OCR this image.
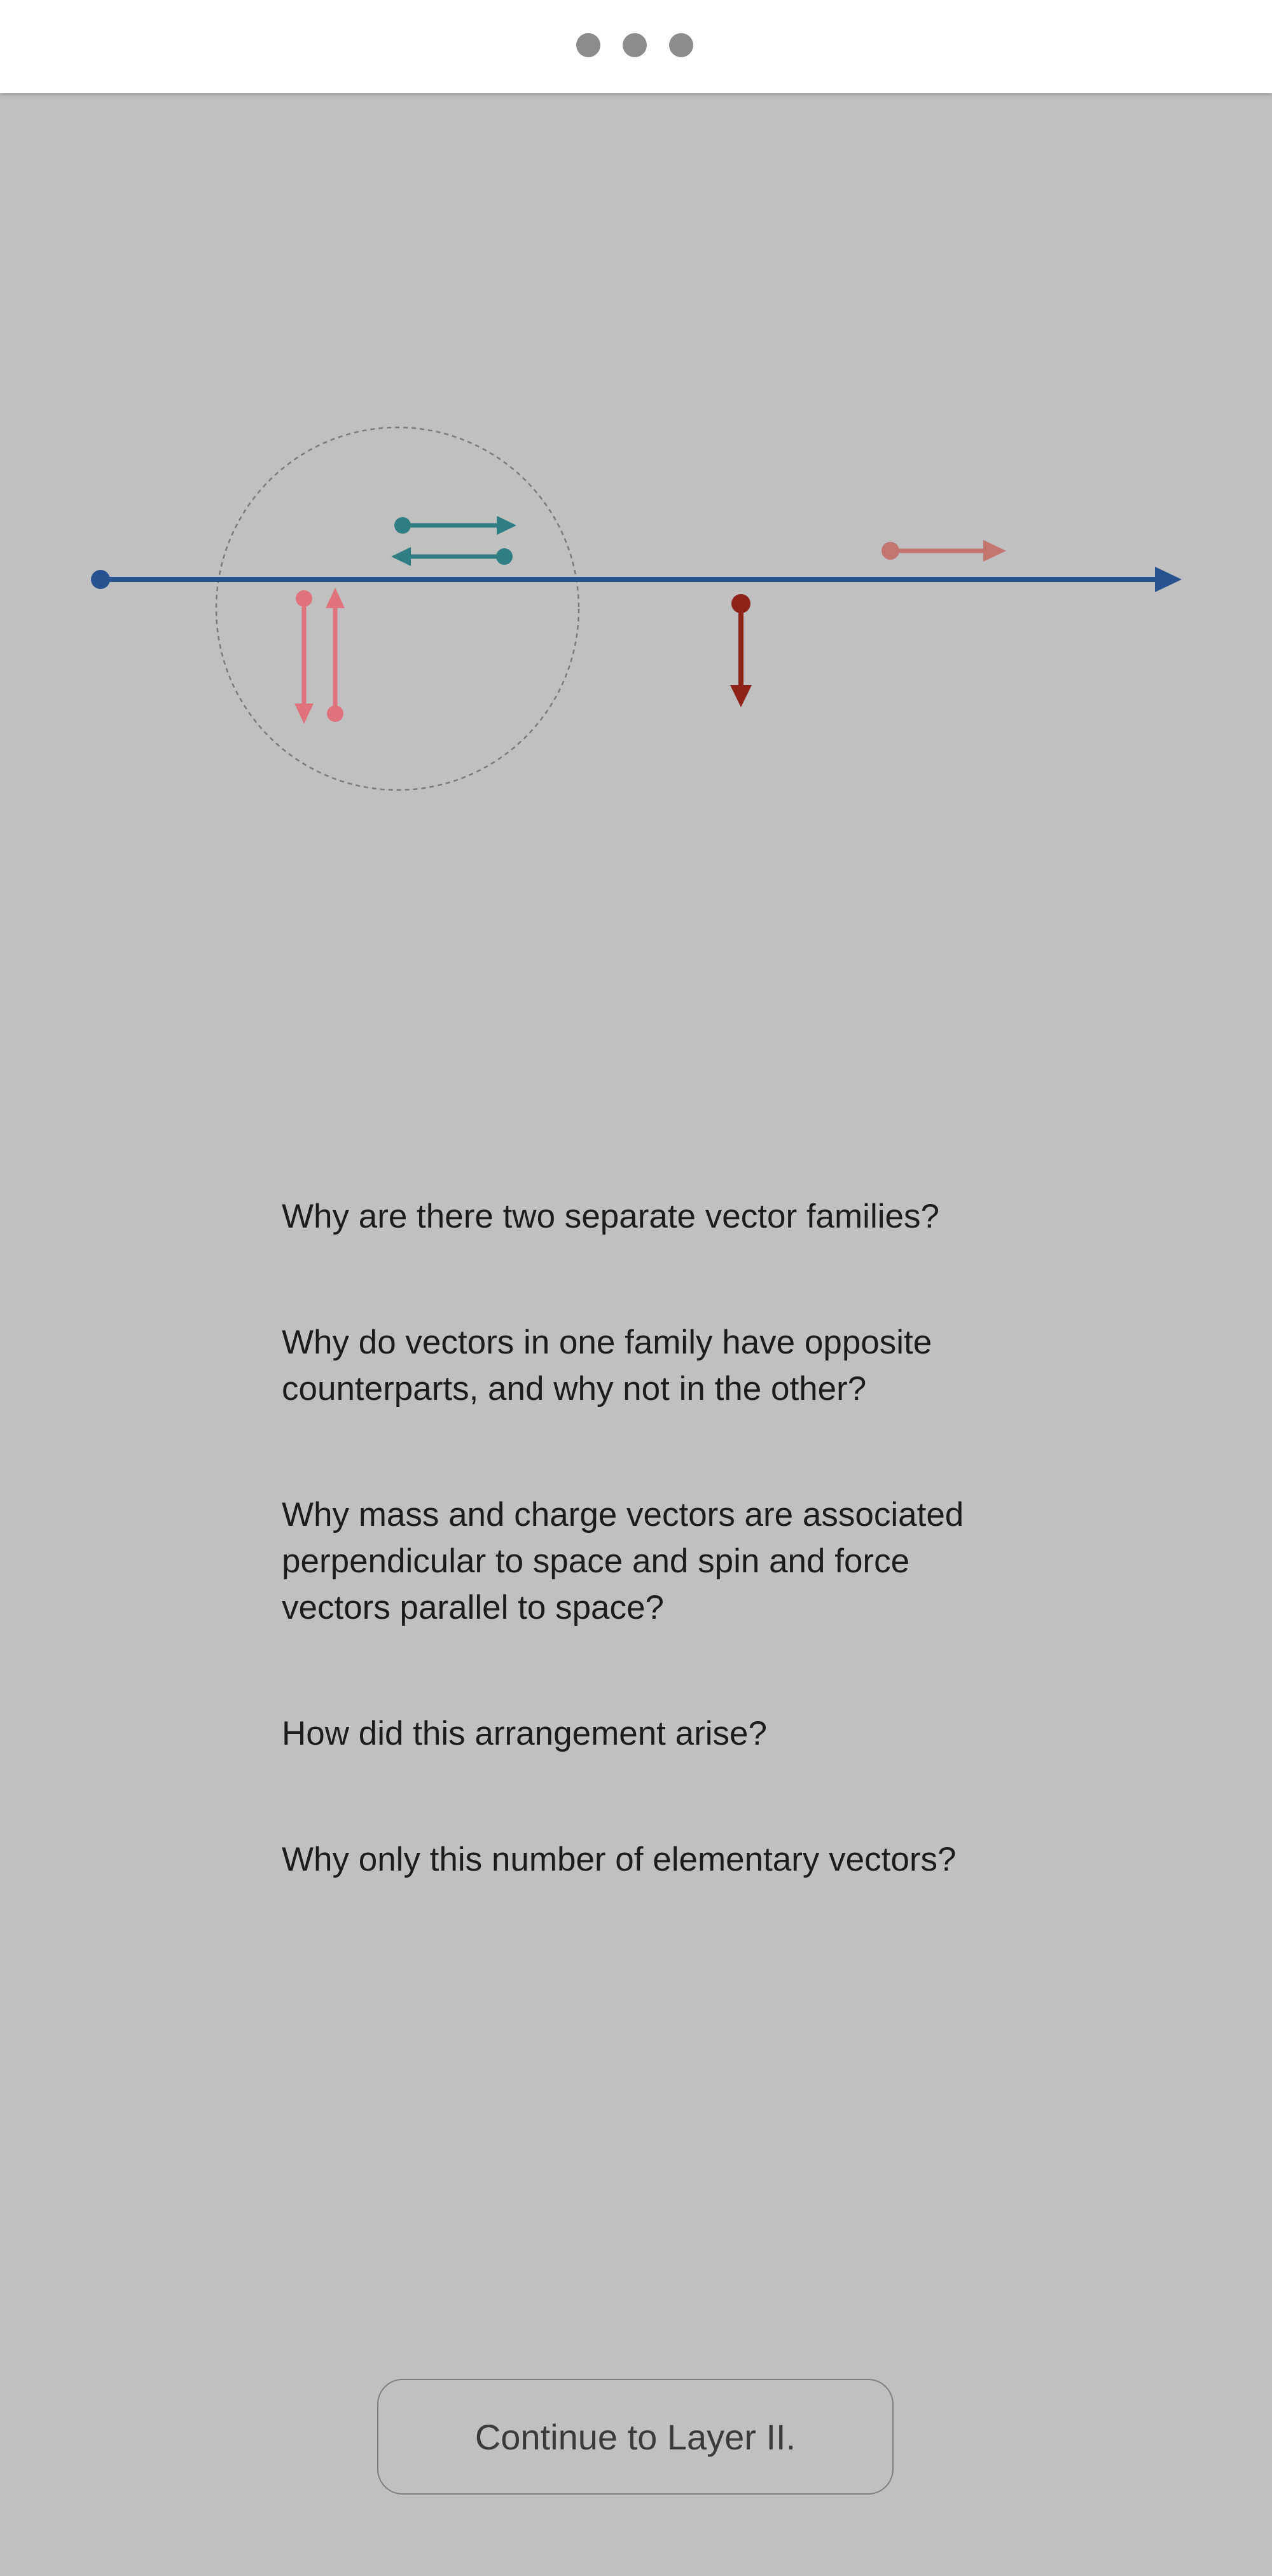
Why are there two separate vector families?

Why do vectors in one family have opposite counterparts, and why not in the other?

Why mass and charge vectors are associated perpendicular to space and spin and force vectors parallel to space?

How did this arrangement arise?

Why only this number of elementary vectors?

Continue to Layer II.
